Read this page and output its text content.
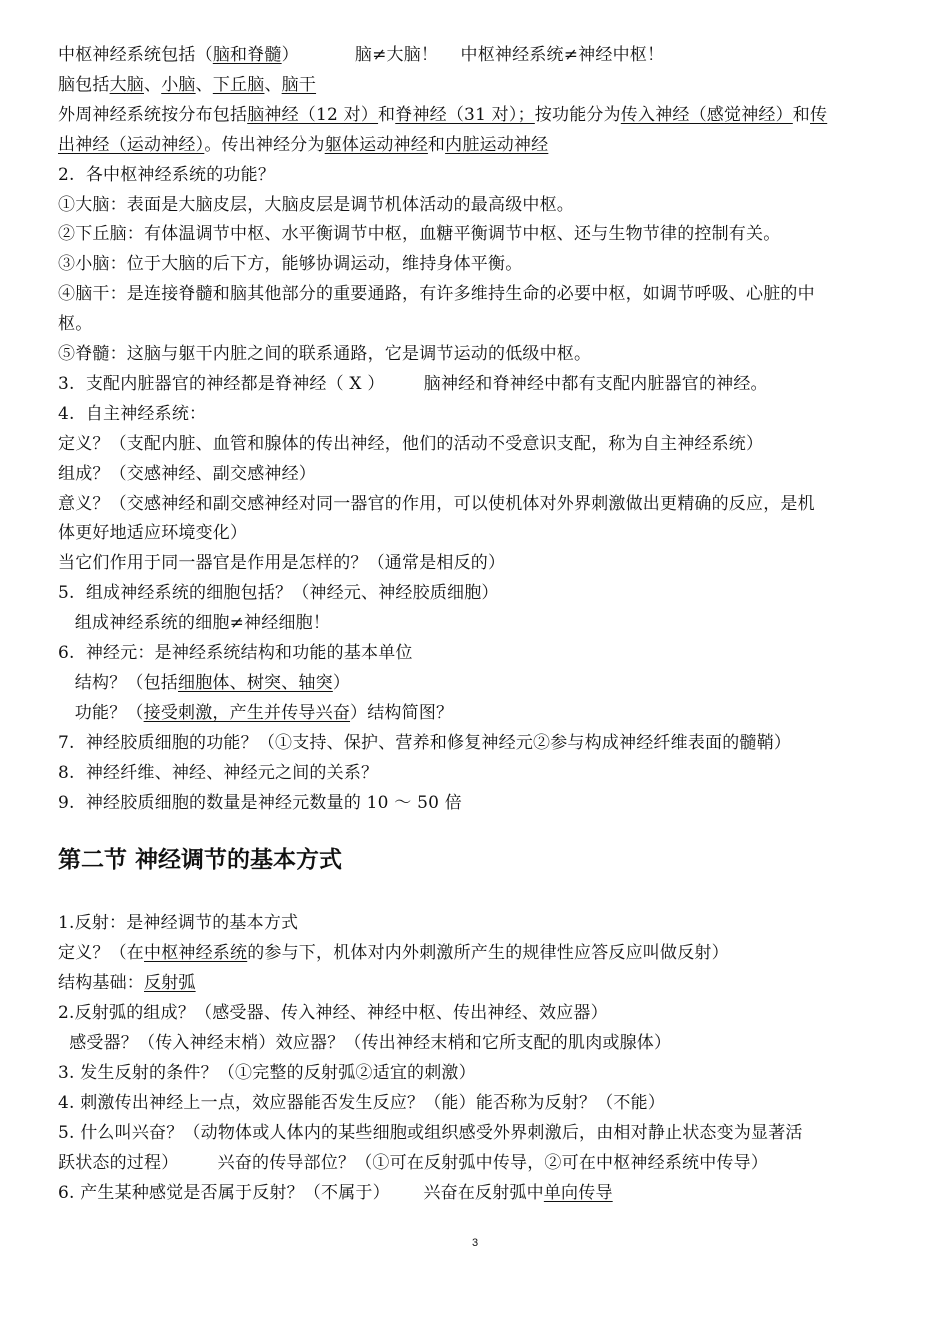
中枢神经系统包括（脑和脊髓）          脑≠大脑！    中枢神经系统≠神经中枢！
脑包括大脑、小脑、下丘脑、脑干
外周神经系统按分布包括脑神经（12 对）和脊神经（31 对）；按功能分为传入神经（感觉神经）和传
出神经（运动神经）。传出神经分为躯体运动神经和内脏运动神经
2.  各中枢神经系统的功能？
①大脑：表面是大脑皮层，大脑皮层是调节机体活动的最高级中枢。
②下丘脑：有体温调节中枢、水平衡调节中枢，血糖平衡调节中枢、还与生物节律的控制有关。
③小脑：位于大脑的后下方，能够协调运动，维持身体平衡。
④脑干：是连接脊髓和脑其他部分的重要通路，有许多维持生命的必要中枢，如调节呼吸、心脏的中
枢。
⑤脊髓：这脑与躯干内脏之间的联系通路，它是调节运动的低级中枢。
3.  支配内脏器官的神经都是脊神经（ X ）       脑神经和脊神经中都有支配内脏器官的神经。
4.  自主神经系统：
定义？（支配内脏、血管和腺体的传出神经，他们的活动不受意识支配，称为自主神经系统）
组成？（交感神经、副交感神经）
意义？（交感神经和副交感神经对同一器官的作用，可以使机体对外界刺激做出更精确的反应，是机
体更好地适应环境变化）
当它们作用于同一器官是作用是怎样的？（通常是相反的）
5.  组成神经系统的细胞包括？（神经元、神经胶质细胞）
组成神经系统的细胞≠神经细胞！
6.  神经元：是神经系统结构和功能的基本单位
结构？（包括细胞体、树突、轴突）
功能？（接受刺激，产生并传导兴奋）结构简图？
7.  神经胶质细胞的功能？（①支持、保护、营养和修复神经元②参与构成神经纤维表面的髓鞘）
8.  神经纤维、神经、神经元之间的关系？
9.  神经胶质细胞的数量是神经元数量的 10 ～ 50 倍
第二节 神经调节的基本方式
1.反射：是神经调节的基本方式
定义？（在中枢神经系统的参与下，机体对内外刺激所产生的规律性应答反应叫做反射）
结构基础：反射弧
2.反射弧的组成？（感受器、传入神经、神经中枢、传出神经、效应器）
感受器？（传入神经末梢）效应器？（传出神经末梢和它所支配的肌肉或腺体）
3. 发生反射的条件？（①完整的反射弧②适宜的刺激）
4. 刺激传出神经上一点，效应器能否发生反应？（能）能否称为反射？（不能）
5. 什么叫兴奋？（动物体或人体内的某些细胞或组织感受外界刺激后，由相对静止状态变为显著活
跃状态的过程）       兴奋的传导部位？（①可在反射弧中传导，②可在中枢神经系统中传导）
6. 产生某种感觉是否属于反射？（不属于）      兴奋在反射弧中单向传导
3
